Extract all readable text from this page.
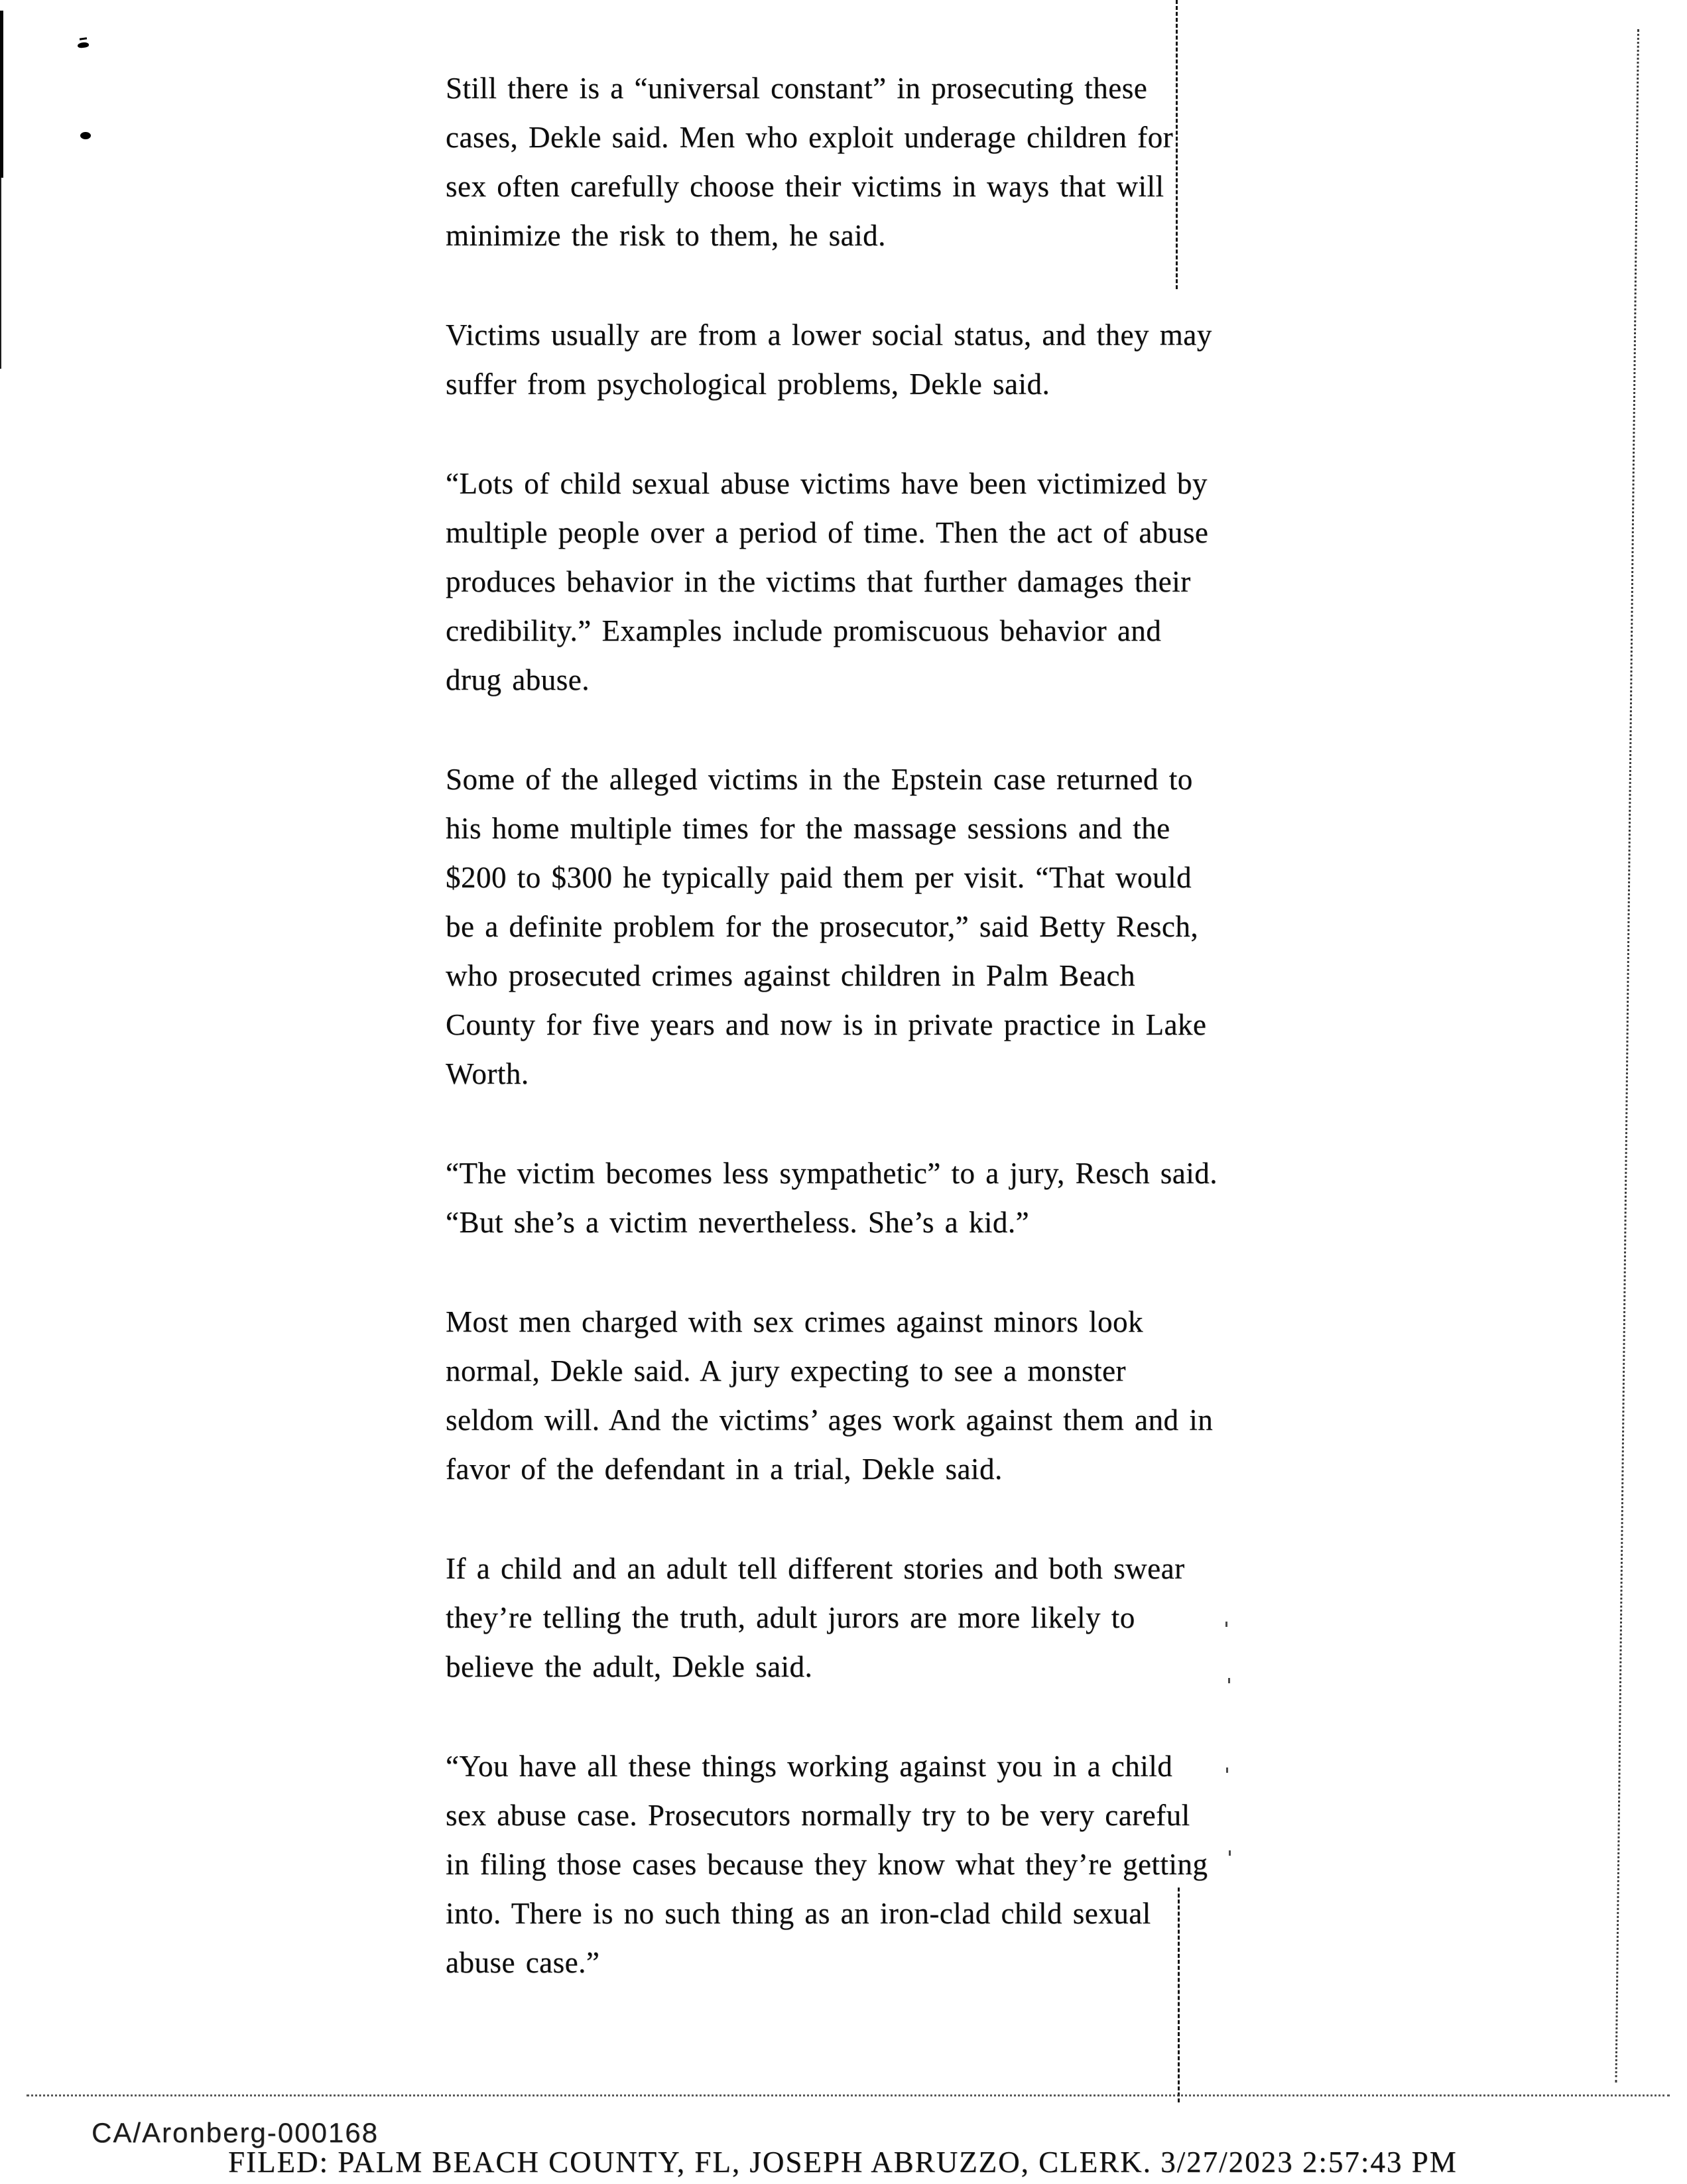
Still there is a “universal constant” in prosecuting these
cases, Dekle said. Men who exploit underage children for
sex often carefully choose their victims in ways that will
minimize the risk to them, he said.

Victims usually are from a lower social status, and they may
suffer from psychological problems, Dekle said.

“Lots of child sexual abuse victims have been victimized by
multiple people over a period of time. Then the act of abuse
produces behavior in the victims that further damages their
credibility.” Examples include promiscuous behavior and
drug abuse.

Some of the alleged victims in the Epstein case returned to
his home multiple times for the massage sessions and the
$200 to $300 he typically paid them per visit. “That would
be a definite problem for the prosecutor,” said Betty Resch,
who prosecuted crimes against children in Palm Beach
County for five years and now is in private practice in Lake
Worth.

“The victim becomes less sympathetic” to a jury, Resch said.
“But she’s a victim nevertheless. She’s a kid.”

Most men charged with sex crimes against minors look
normal, Dekle said. A jury expecting to see a monster
seldom will. And the victims’ ages work against them and in
favor of the defendant in a trial, Dekle said.

If a child and an adult tell different stories and both swear
they’re telling the truth, adult jurors are more likely to
believe the adult, Dekle said.

“You have all these things working against you in a child
sex abuse case. Prosecutors normally try to be very careful
in filing those cases because they know what they’re getting
into. There is no such thing as an iron-clad child sexual
abuse case.”

CA/Aronberg-000168
FILED: PALM BEACH COUNTY, FL, JOSEPH ABRUZZO, CLERK. 3/27/2023 2:57:43 PM
